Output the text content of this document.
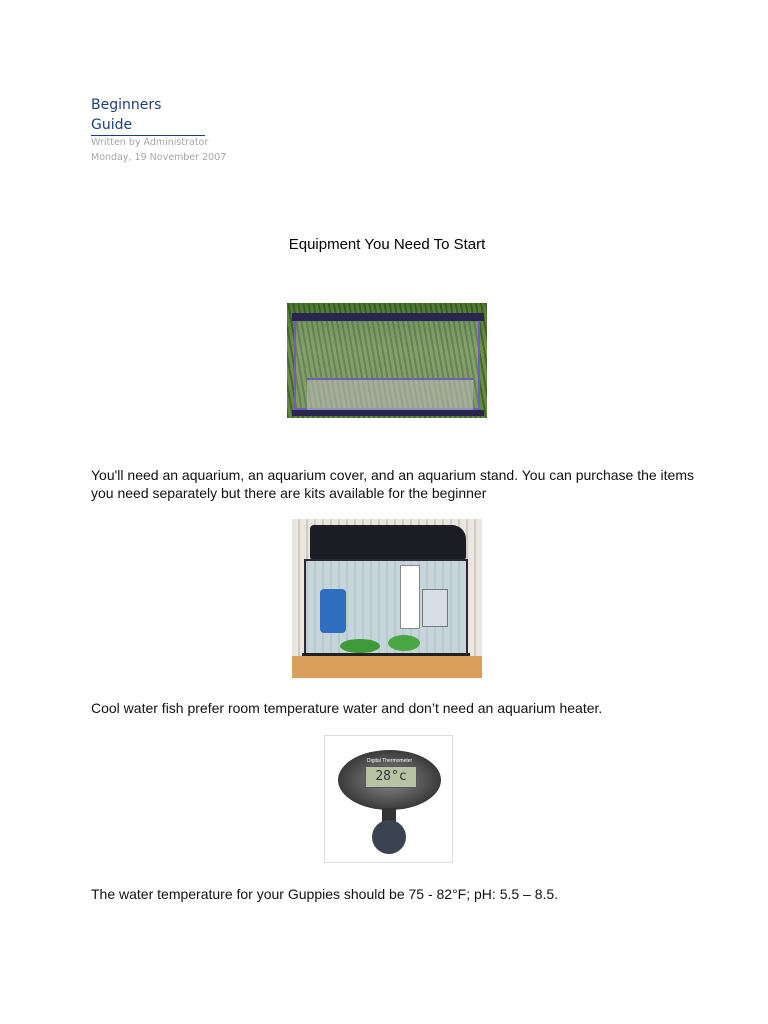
Beginners
Guide
Written by Administrator
Monday, 19 November 2007
Equipment You Need To Start
You'll need an aquarium, an aquarium cover, and an aquarium stand. You can purchase the items you need separately but there are kits available for the beginner
Cool water fish prefer room temperature water and don’t need an aquarium heater.
Digital Thermometer
28°c
The water temperature for your Guppies should be 75 - 82°F; pH: 5.5 – 8.5.
